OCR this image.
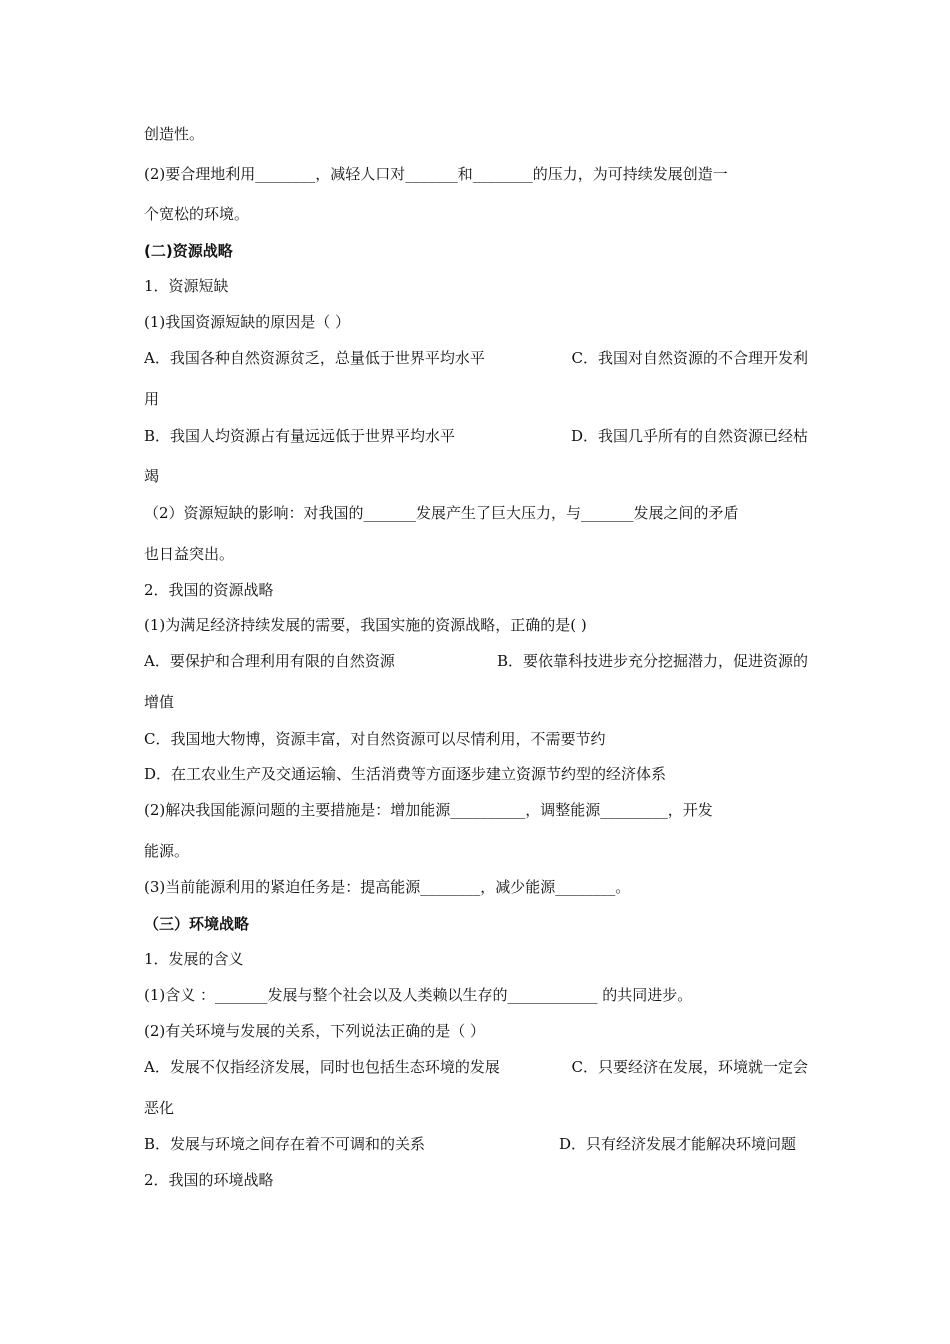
创造性。
(2)要合理地利用________，减轻人口对_______和________的压力，为可持续发展创造一
个宽松的环境。
(二)资源战略
1．资源短缺
(1)我国资源短缺的原因是（ ）
A．我国各种自然资源贫乏，总量低于世界平均水平	C．我国对自然资源的不合理开发利
用
B．我国人均资源占有量远远低于世界平均水平	D．我国几乎所有的自然资源已经枯
竭
（2）资源短缺的影响：对我国的_______发展产生了巨大压力，与_______发展之间的矛盾
也日益突出。
2．我国的资源战略
(1)为满足经济持续发展的需要，我国实施的资源战略，正确的是( )
A．要保护和合理利用有限的自然资源	B．要依靠科技进步充分挖掘潜力，促进资源的
增值
C．我国地大物博，资源丰富，对自然资源可以尽情利用，不需要节约
D．在工农业生产及交通运输、生活消费等方面逐步建立资源节约型的经济体系
(2)解决我国能源问题的主要措施是：增加能源__________，调整能源_________，开发
能源。
(3)当前能源利用的紧迫任务是：提高能源________，减少能源________。
（三）环境战略
1．发展的含义
(1)含义 ：_______发展与整个社会以及人类赖以生存的____________ 的共同进步。
(2)有关环境与发展的关系，下列说法正确的是（ ）
A．发展不仅指经济发展，同时也包括生态环境的发展	C．只要经济在发展，环境就一定会
恶化
B．发展与环境之间存在着不可调和的关系	D．只有经济发展才能解决环境问题
2．我国的环境战略
